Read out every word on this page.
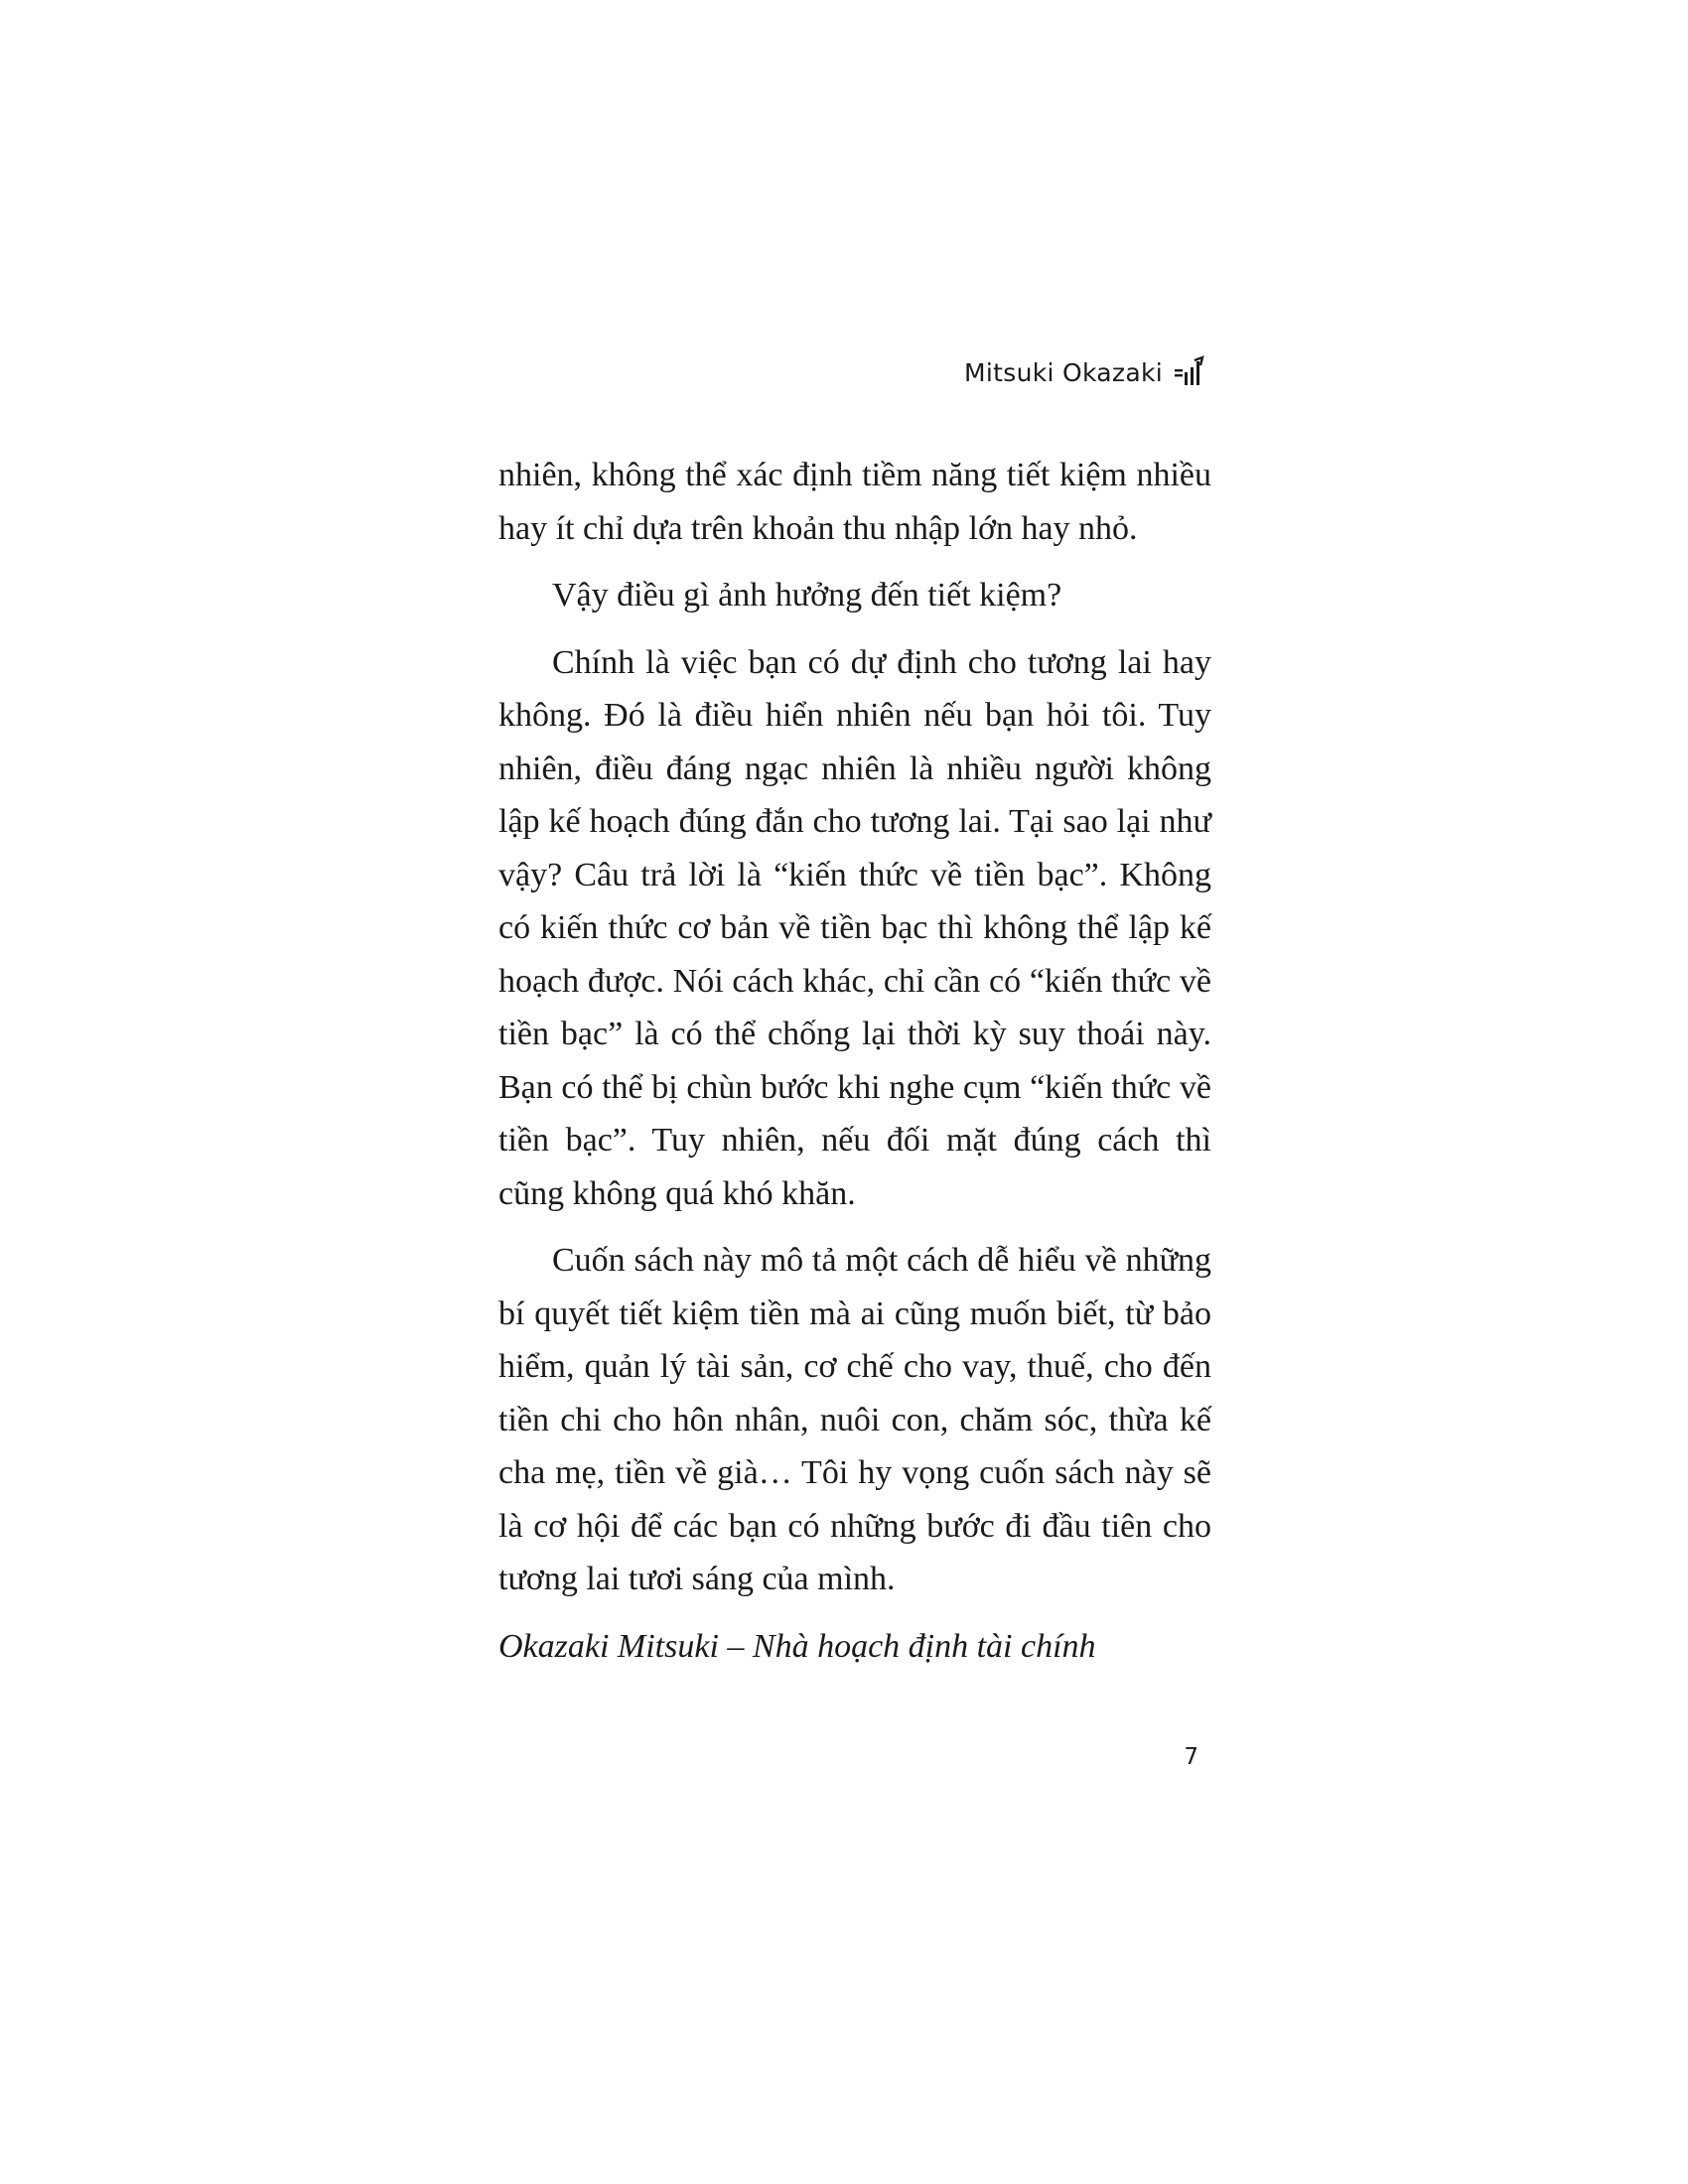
Mitsuki Okazaki

nhiên, không thể xác định tiềm năng tiết kiệm nhiều hay ít chỉ dựa trên khoản thu nhập lớn hay nhỏ.

Vậy điều gì ảnh hưởng đến tiết kiệm?

Chính là việc bạn có dự định cho tương lai hay không. Đó là điều hiển nhiên nếu bạn hỏi tôi. Tuy nhiên, điều đáng ngạc nhiên là nhiều người không lập kế hoạch đúng đắn cho tương lai. Tại sao lại như vậy? Câu trả lời là “kiến thức về tiền bạc”. Không có kiến thức cơ bản về tiền bạc thì không thể lập kế hoạch được. Nói cách khác, chỉ cần có “kiến thức về tiền bạc” là có thể chống lại thời kỳ suy thoái này. Bạn có thể bị chùn bước khi nghe cụm “kiến thức về tiền bạc”. Tuy nhiên, nếu đối mặt đúng cách thì cũng không quá khó khăn.

Cuốn sách này mô tả một cách dễ hiểu về những bí quyết tiết kiệm tiền mà ai cũng muốn biết, từ bảo hiểm, quản lý tài sản, cơ chế cho vay, thuế, cho đến tiền chi cho hôn nhân, nuôi con, chăm sóc, thừa kế cha mẹ, tiền về già… Tôi hy vọng cuốn sách này sẽ là cơ hội để các bạn có những bước đi đầu tiên cho tương lai tươi sáng của mình.

Okazaki Mitsuki – Nhà hoạch định tài chính

7
